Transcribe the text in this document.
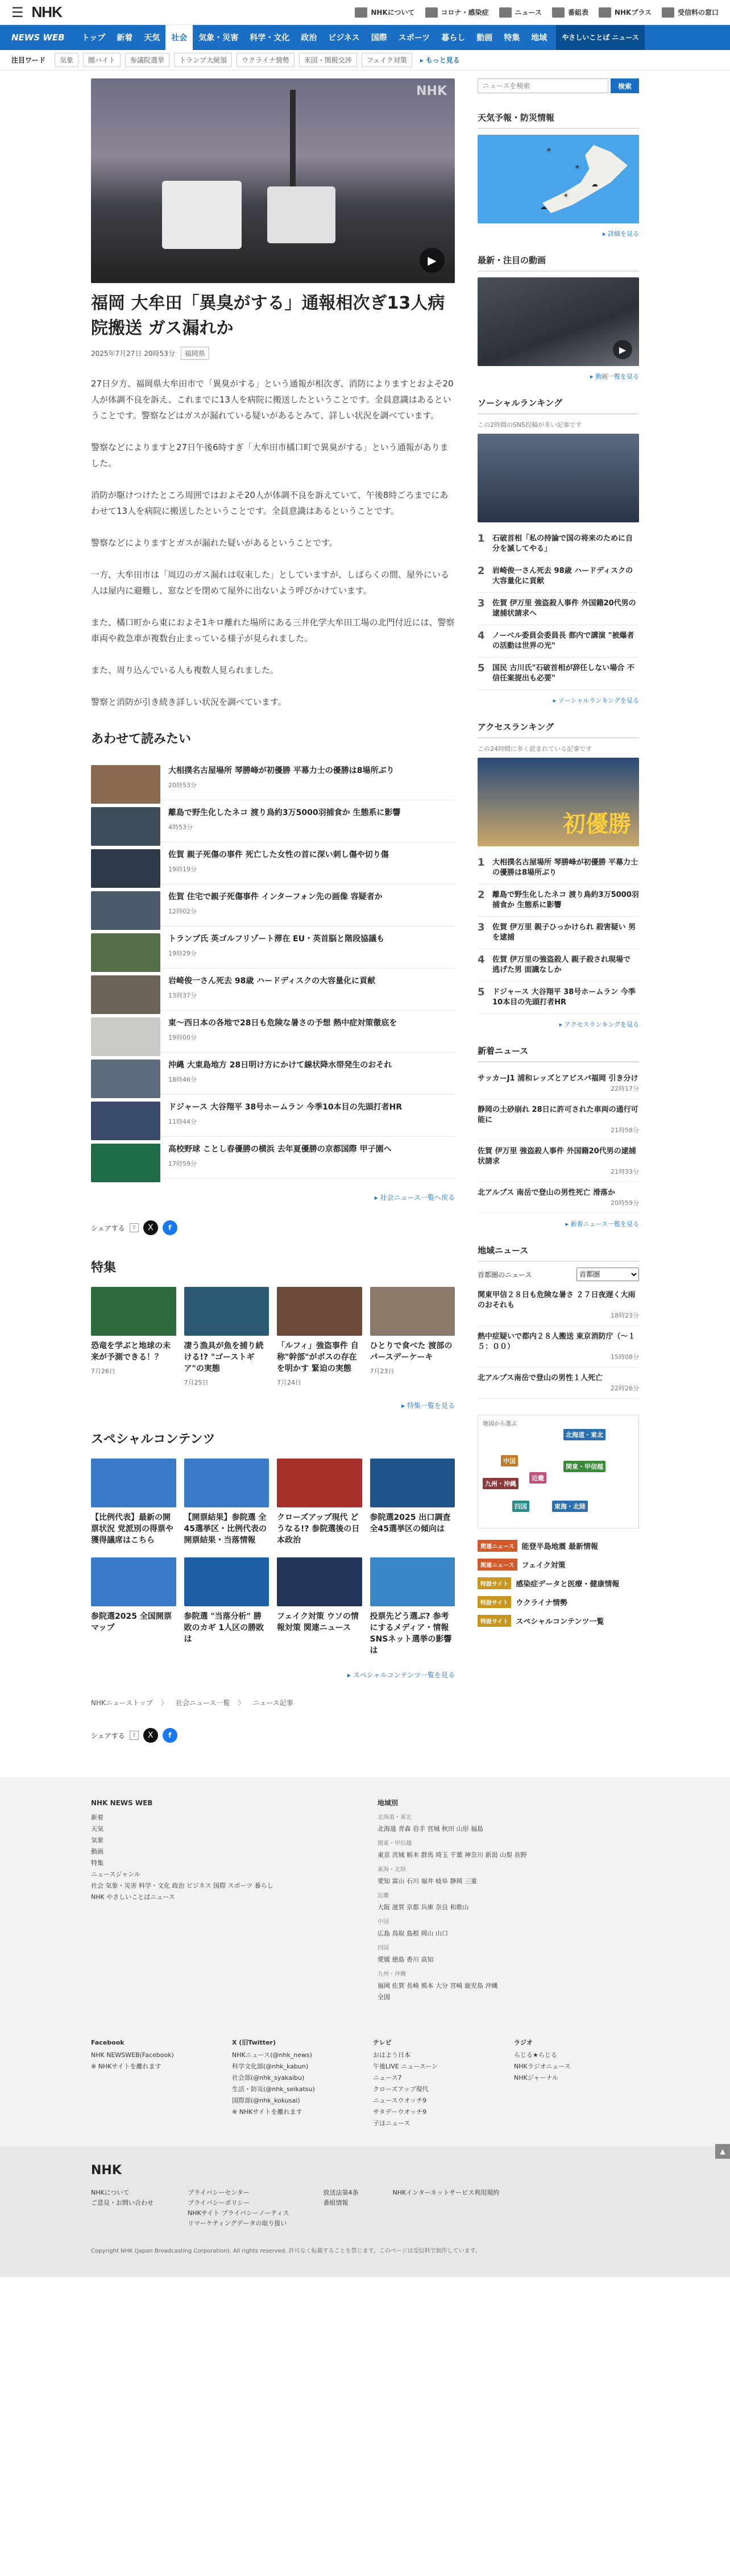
☰ NHK	NHKについて	コロナ・感染症	ニュース	番組表	NHKプラス	受信料の窓口
NEWS WEB	トップ	新着	天気	社会	気象・災害	科学・文化	政治	ビジネス	国際	スポーツ	暮らし	動画	特集	地域	やさしいことば ニュース
注目ワード	気象	闇バイト	参議院選挙	トランプ大統領	ウクライナ情勢	米国・関税交渉	フェイク対策	▸ もっと見る
NHK
▶
福岡 大牟田「異臭がする」通報相次ぎ13人病院搬送 ガス漏れか
2025年7月27日 20時53分	福岡県

27日夕方、福岡県大牟田市で「異臭がする」という通報が相次ぎ、消防によりますとおよそ20人が体調不良を訴え、これまでに13人を病院に搬送したということです。全員意識はあるということです。警察などはガスが漏れている疑いがあるとみて、詳しい状況を調べています。

警察などによりますと27日午後6時すぎ「大牟田市橘口町で異臭がする」という通報がありました。

消防が駆けつけたところ周囲ではおよそ20人が体調不良を訴えていて、午後8時ごろまでにあわせて13人を病院に搬送したということです。全員意識はあるということです。

警察などによりますとガスが漏れた疑いがあるということです。

一方、大牟田市は「周辺のガス漏れは収束した」としていますが、しばらくの間、屋外にいる人は屋内に避難し、窓などを閉めて屋外に出ないよう呼びかけています。

また、橘口町から東におよそ1キロ離れた場所にある三井化学大牟田工場の北門付近には、警察車両や救急車が複数台止まっている様子が見られました。

また、周り込んでいる人も複数人見られました。

警察と消防が引き続き詳しい状況を調べています。

あわせて読みたい
大相撲名古屋場所 琴勝峰が初優勝 平幕力士の優勝は8場所ぶり
20時53分
離島で野生化したネコ 渡り鳥約3万5000羽捕食か 生態系に影響
4時53分
佐賀 親子死傷の事件 死亡した女性の首に深い刺し傷や切り傷
19時19分
佐賀 住宅で親子死傷事件 インターフォン先の画像 容疑者か
12時02分
トランプ氏 英ゴルフリゾート滞在 EU・英首脳と階段協議も
19時29分
岩崎俊一さん死去 98歳 ハードディスクの大容量化に貢献
13時37分
東～西日本の各地で28日も危険な暑さの予想 熱中症対策徹底を
19時00分
沖縄 大東島地方 28日明け方にかけて線状降水帯発生のおそれ
18時46分
ドジャース 大谷翔平 38号ホームラン 今季10本目の先頭打者HR
11時44分
高校野球 ことし春優勝の横浜 去年夏優勝の京都国際 甲子園へ
17時59分
▸ 社会ニュース一覧へ戻る
シェアする	?	X	f
特集
恐竜を学ぶと地球の未来が予測できる！？
7月26日
凄う漁具が魚を捕り続ける!? "ゴーストギア"の実態
7月25日
「ルフィ」強盗事件 自称"幹部"がボスの存在を明かす 緊迫の実態
7月24日
ひとりで食べた 渡部のパースデーケーキ
7月23日
▸ 特集一覧を見る
スペシャルコンテンツ
【比例代表】最新の開票状況 党派別の得票や獲得議席はこちら
【開票結果】参院選 全45選挙区・比例代表の開票結果・当落情報
クローズアップ現代 どうなる!? 参院選後の日本政治
参院選2025 出口調査 全45選挙区の傾向は
参院選2025 全国開票マップ
参院選 "当落分析" 勝敗のカギ 1人区の勝敗は
フェイク対策 ウソの情報対策 関連ニュース
投票先どう選ぶ? 参考にするメディア・情報 SNSネット選挙の影響は
▸ スペシャルコンテンツ一覧を見る
NHKニューストップ 〉 社会ニュース一覧 〉 ニュース記事
シェアする	?	X	f
ニュースを検索
検索
天気予報・防災情報
☀
☀
☁
☀
☁
▸ 詳細を見る
最新・注目の動画
▶
▸ 動画一覧を見る
ソーシャルランキング
この2時間のSNS投稿が多い記事です
1 石破首相「私の持論で国の将来のために自分を滅してやる」
2 岩崎俊一さん死去 98歳 ハードディスクの大容量化に貢献
3 佐賀 伊万里 強盗殺人事件 外国籍20代男の逮捕状請求へ
4 ノーベル委員会委員長 都内で講演 "被爆者の活動は世界の光"
5 国民 古川氏"石破首相が辞任しない場合 不信任案提出も必要"
▸ ソーシャルランキングを見る
アクセスランキング
この24時間に多く読まれている記事です
初優勝
1 大相撲名古屋場所 琴勝峰が初優勝 平幕力士の優勝は8場所ぶり
2 離島で野生化したネコ 渡り鳥約3万5000羽捕食か 生態系に影響
3 佐賀 伊万里 親子ひっかけられ 殺害疑い 男を逮捕
4 佐賀 伊万里の強盗殺人 親子殺され現場で 逃げた男 面識なしか
5 ドジャース 大谷翔平 38号ホームラン 今季10本目の先頭打者HR
▸ アクセスランキングを見る
新着ニュース
サッカーJ1 浦和レッズとアビスパ福岡 引き分け
22時17分
静岡の土砂崩れ 28日に許可された車両の通行可能に
21時58分
佐賀 伊万里 強盗殺人事件 外国籍20代男の逮捕状請求
21時33分
北アルプス 南岳で登山の男性死亡 滑落か
20時59分
▸ 新着ニュース一覧を見る
地域ニュース
首都圏のニュース
首都圏
関東甲信２８日も危険な暑さ ２７日夜遅く大雨のおそれも
18時23分
熱中症疑いで都内２８人搬送 東京消防庁（～１５：００）
15時08分
北アルプス南岳で登山の男性１人死亡
22時26分
地図から選ぶ
北海道・東北
関東・甲信越
東海・北陸
近畿
中国
四国
九州・沖縄
関連ニュース	能登半島地震 最新情報
関連ニュース	フェイク対策
特設サイト	感染症データと医療・健康情報
特設サイト	ウクライナ情勢
特設サイト	スペシャルコンテンツ一覧
NHK NEWS WEB
新着
天気
気象
動画
特集
ニュースジャンル
社会 気象・災害 科学・文化 政治 ビジネス 国際 スポーツ 暮らし
NHK やさしいことばニュース
地域別
北海道・東北
北海道 青森 岩手 宮城 秋田 山形 福島
関東・甲信越
東京 茨城 栃木 群馬 埼玉 千葉 神奈川 新潟 山梨 長野
東海・北陸
愛知 富山 石川 福井 岐阜 静岡 三重
近畿
大阪 滋賀 京都 兵庫 奈良 和歌山
中国
広島 鳥取 島根 岡山 山口
四国
愛媛 徳島 香川 高知
九州・沖縄
福岡 佐賀 長崎 熊本 大分 宮崎 鹿児島 沖縄
全国
Facebook
NHK NEWSWEB(Facebook)
※ NHKサイトを離れます
X (旧Twitter)
NHKニュース(@nhk_news)
科学文化部(@nhk_kabun)
社会部(@nhk_syakaibu)
生活・防災(@nhk_seikatsu)
国際部(@nhk_kokusai)
※ NHKサイトを離れます
テレビ
おはよう日本
午後LIVE ニュースーン
ニュース7
クローズアップ現代
ニュースウオッチ9
サタデーウオッチ9
子ほニュース
ラジオ
らじる★らじる
NHKラジオニュース
NHKジャーナル
NHK
NHKについて
ご意見・お問い合わせ
プライバシーセンター
プライバシーポリシー
NHKサイト プライバシーノーティス
リマーケティングデータの取り扱い
放送法第4条
番組情報
NHKインターネットサービス利用規約
Copyright NHK (Japan Broadcasting Corporation). All rights reserved. 許可なく転載することを禁じます。このページは受信料で制作しています。
▲
